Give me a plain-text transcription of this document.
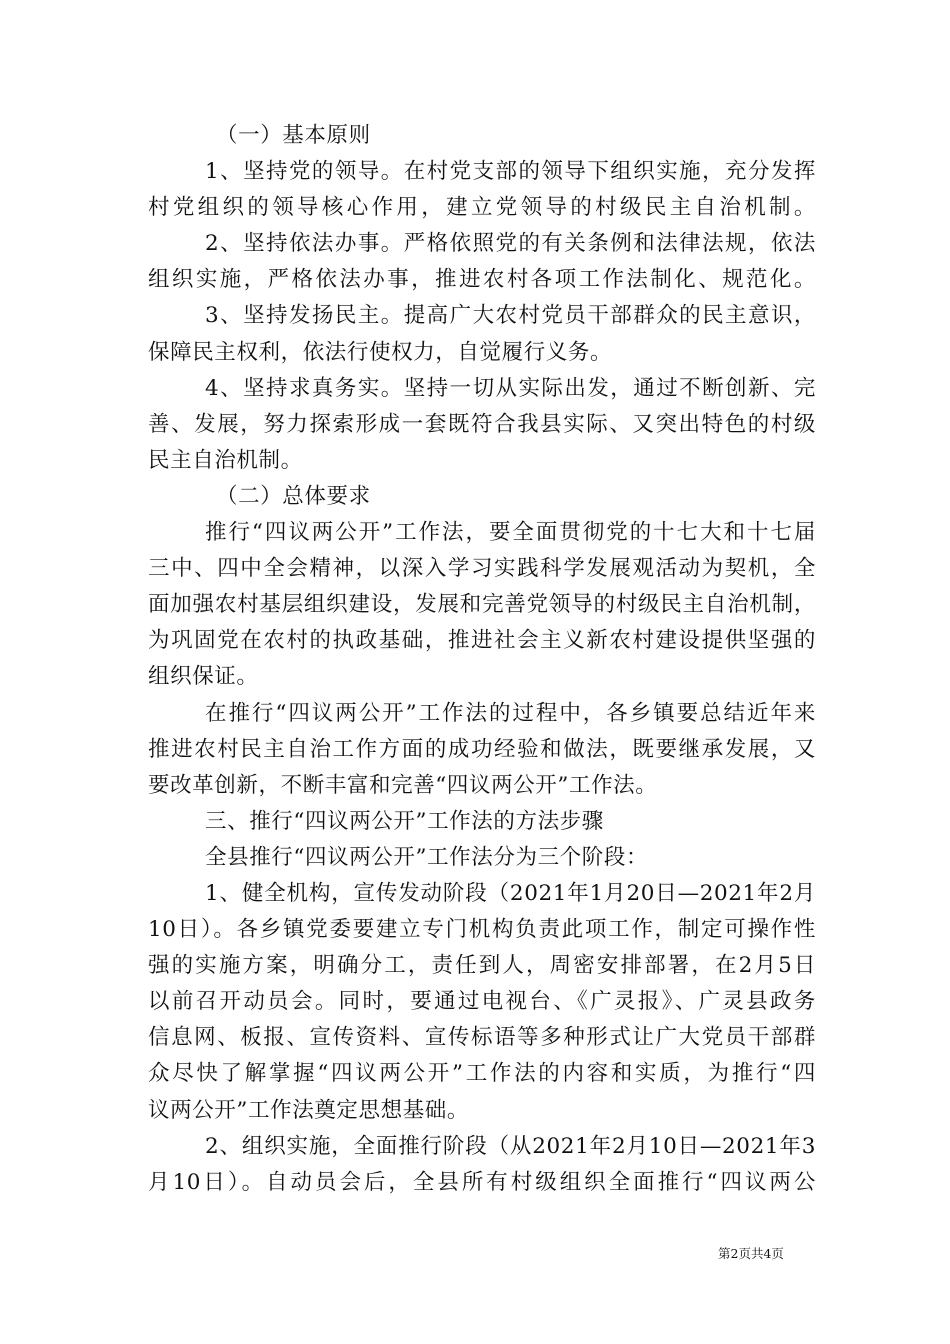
（一）基本原则
1、坚持党的领导。在村党支部的领导下组织实施，充分发挥
村党组织的领导核心作用，建立党领导的村级民主自治机制。
2、坚持依法办事。严格依照党的有关条例和法律法规，依法
组织实施，严格依法办事，推进农村各项工作法制化、规范化。
3、坚持发扬民主。提高广大农村党员干部群众的民主意识，
保障民主权利，依法行使权力，自觉履行义务。
4、坚持求真务实。坚持一切从实际出发，通过不断创新、完
善、发展，努力探索形成一套既符合我县实际、又突出特色的村级
民主自治机制。
（二）总体要求
推行“四议两公开”工作法，要全面贯彻党的十七大和十七届
三中、四中全会精神，以深入学习实践科学发展观活动为契机，全
面加强农村基层组织建设，发展和完善党领导的村级民主自治机制，
为巩固党在农村的执政基础，推进社会主义新农村建设提供坚强的
组织保证。
在推行“四议两公开”工作法的过程中，各乡镇要总结近年来
推进农村民主自治工作方面的成功经验和做法，既要继承发展，又
要改革创新，不断丰富和完善“四议两公开”工作法。
三、推行“四议两公开”工作法的方法步骤
全县推行“四议两公开”工作法分为三个阶段：
1、健全机构，宣传发动阶段（2021年1月20日—2021年2月
10日）。各乡镇党委要建立专门机构负责此项工作，制定可操作性
强的实施方案，明确分工，责任到人，周密安排部署，在2月5日
以前召开动员会。同时，要通过电视台、《广灵报》、广灵县政务
信息网、板报、宣传资料、宣传标语等多种形式让广大党员干部群
众尽快了解掌握“四议两公开”工作法的内容和实质，为推行“四
议两公开”工作法奠定思想基础。
2、组织实施，全面推行阶段（从2021年2月10日—2021年3
月10日）。自动员会后，全县所有村级组织全面推行“四议两公
第2页共4页
